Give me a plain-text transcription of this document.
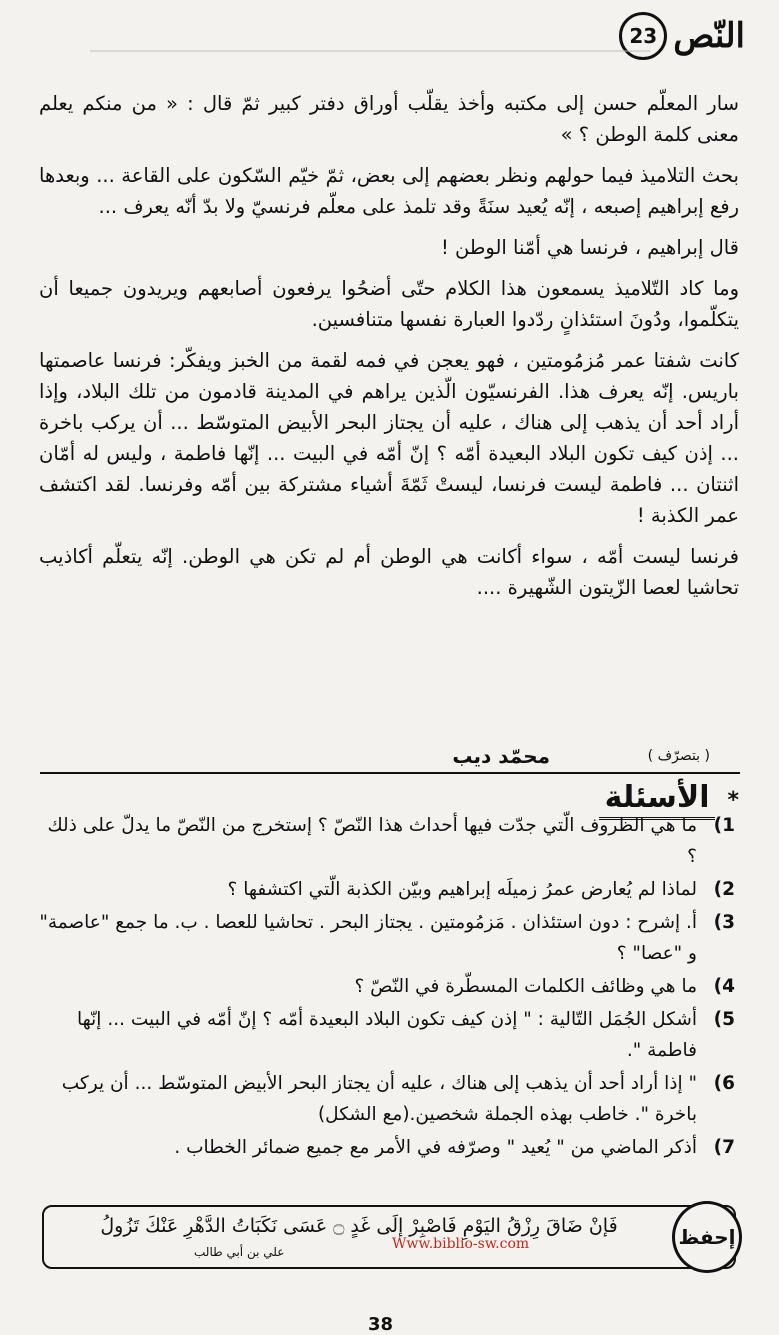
النّص
23

سار المعلّم حسن إلى مكتبه وأخذ يقلّب أوراق دفتر كبير ثمّ قال : « من منكم يعلم معنى كلمة الوطن ؟ »

بحث التلاميذ فيما حولهم ونظر بعضهم إلى بعض، ثمّ خيّم السّكون على القاعة ... وبعدها رفع إبراهيم إصبعه ، إنّه يُعيد سنَةً وقد تلمذ على معلّم فرنسيّ ولا بدّ أنّه يعرف ...

قال إبراهيم ، فرنسا هي أمّنا الوطن !

وما كاد التّلاميذ يسمعون هذا الكلام حتّى أضحُوا يرفعون أصابعهم ويريدون جميعا أن يتكلّموا، ودُونَ استئذانٍ ردّدوا العبارة نفسها متنافسين.

كانت شفتا عمر مُزمُومتين ، فهو يعجن في فمه لقمة من الخبز ويفكّر: فرنسا عاصمتها باريس. إنّه يعرف هذا. الفرنسيّون الّذين يراهم في المدينة قادمون من تلك البلاد، وإذا أراد أحد أن يذهب إلى هناك ، عليه أن يجتاز البحر الأبيض المتوسّط ... أن يركب باخرة ... إذن كيف تكون البلاد البعيدة أمّه ؟ إنّ أمّه في البيت ... إنّها فاطمة ، وليس له أمّان اثنتان ... فاطمة ليست فرنسا، ليستْ ثَمّةَ أشياء مشتركة بين أمّه وفرنسا. لقد اكتشف عمر الكذبة !

فرنسا ليست أمّه ، سواء أكانت هي الوطن أم لم تكن هي الوطن. إنّه يتعلّم أكاذيب تحاشيا لعصا الزّيتون الشّهيرة ....

محمّد ديب	( بتصرّف )
*
الأسئلة
1)
ما هي الظروف الّتي جدّت فيها أحداث هذا النّصّ ؟ إستخرج من النّصّ ما يدلّ على ذلك ؟
2)
لماذا لم يُعارض عمرُ زميلَه إبراهيم وبيّن الكذبة الّتي اكتشفها ؟
3)
أ. إشرح : دون استئذان . مَزمُومتين . يجتاز البحر . تحاشيا للعصا . ب. ما جمع "عاصمة" و "عصا" ؟
4)
ما هي وظائف الكلمات المسطّرة في النّصّ ؟
5)
أشكل الجُمَل التّالية : " إذن كيف تكون البلاد البعيدة أمّه ؟ إنّ أمّه في البيت ... إنّها فاطمة ".
6)
" إذا أراد أحد أن يذهب إلى هناك ، عليه أن يجتاز البحر الأبيض المتوسّط ... أن يركب باخرة ". خاطب بهذه الجملة شخصين.(مع الشكل)
7)
أذكر الماضي من " يُعيد " وصرّفه في الأمر مع جميع ضمائر الخطاب .
إحفظ
فَإنْ ضَاقَ رِزْقُ اليَوْمِ فَاصْبِرْ إلَى غَدٍ ۝ عَسَى نَكَبَاتُ الدَّهْرِ عَنْكَ تَزُولُ
علي بن أبي طالب	Www.biblio-sw.com
38
